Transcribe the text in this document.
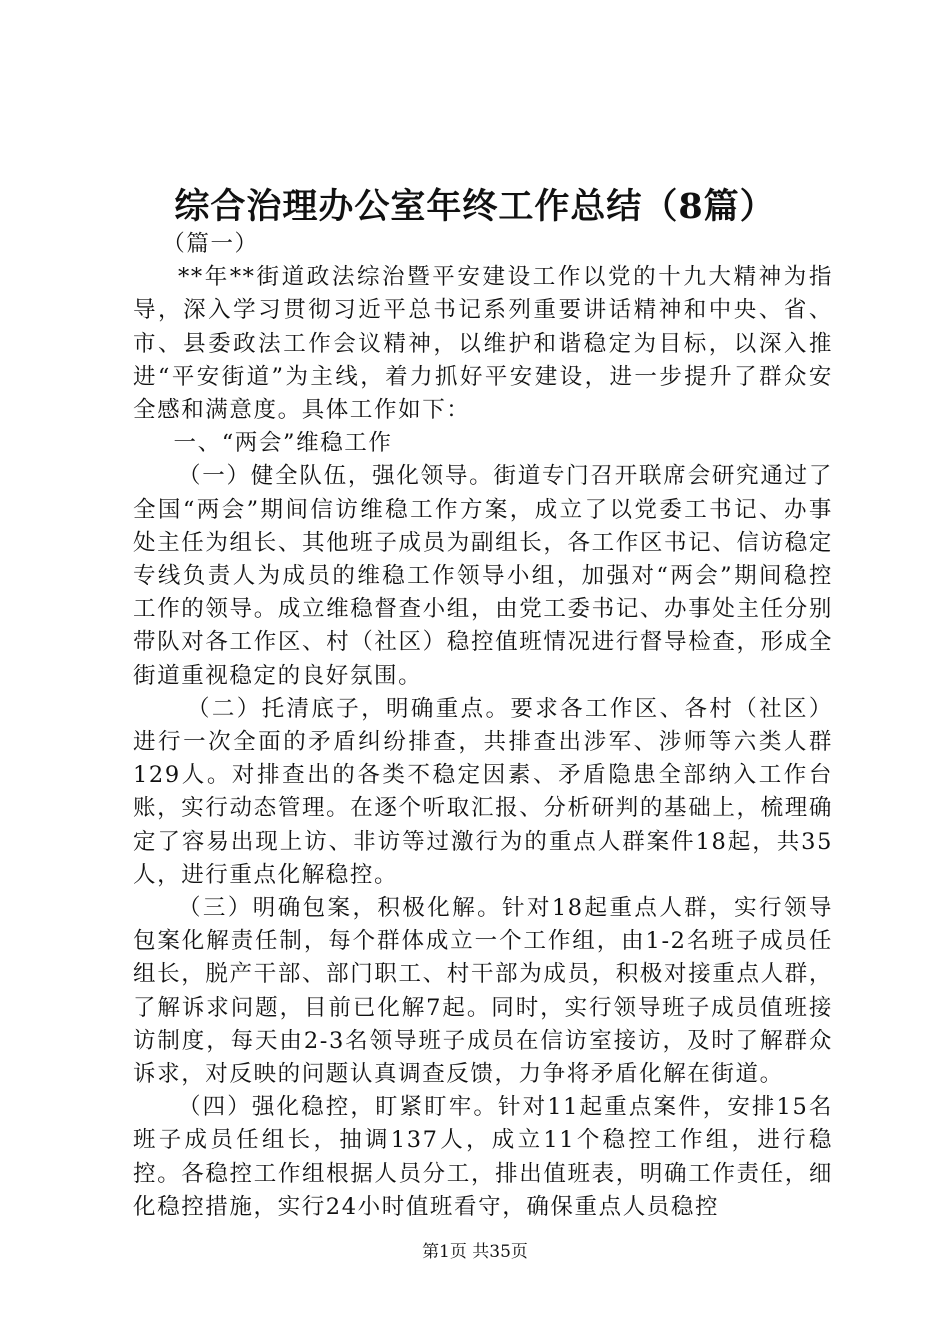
综合治理办公室年终工作总结（8篇）

（篇一）

**年**街道政法综治暨平安建设工作以党的十九大精神为指导，深入学习贯彻习近平总书记系列重要讲话精神和中央、省、市、县委政法工作会议精神，以维护和谐稳定为目标，以深入推进“平安街道”为主线，着力抓好平安建设，进一步提升了群众安全感和满意度。具体工作如下：

一、“两会”维稳工作

（一）健全队伍，强化领导。街道专门召开联席会研究通过了全国“两会”期间信访维稳工作方案，成立了以党委工书记、办事处主任为组长、其他班子成员为副组长，各工作区书记、信访稳定专线负责人为成员的维稳工作领导小组，加强对“两会”期间稳控工作的领导。成立维稳督查小组，由党工委书记、办事处主任分别带队对各工作区、村（社区）稳控值班情况进行督导检查，形成全街道重视稳定的良好氛围。

（二）托清底子，明确重点。要求各工作区、各村（社区）进行一次全面的矛盾纠纷排查，共排查出涉军、涉师等六类人群129人。对排查出的各类不稳定因素、矛盾隐患全部纳入工作台账，实行动态管理。在逐个听取汇报、分析研判的基础上，梳理确定了容易出现上访、非访等过激行为的重点人群案件18起，共35人，进行重点化解稳控。

（三）明确包案，积极化解。针对18起重点人群，实行领导包案化解责任制，每个群体成立一个工作组，由1-2名班子成员任组长，脱产干部、部门职工、村干部为成员，积极对接重点人群，了解诉求问题，目前已化解7起。同时，实行领导班子成员值班接访制度，每天由2-3名领导班子成员在信访室接访，及时了解群众诉求，对反映的问题认真调查反馈，力争将矛盾化解在街道。

（四）强化稳控，盯紧盯牢。针对11起重点案件，安排15名班子成员任组长，抽调137人，成立11个稳控工作组，进行稳控。各稳控工作组根据人员分工，排出值班表，明确工作责任，细化稳控措施，实行24小时值班看守，确保重点人员稳控

第1页 共35页
